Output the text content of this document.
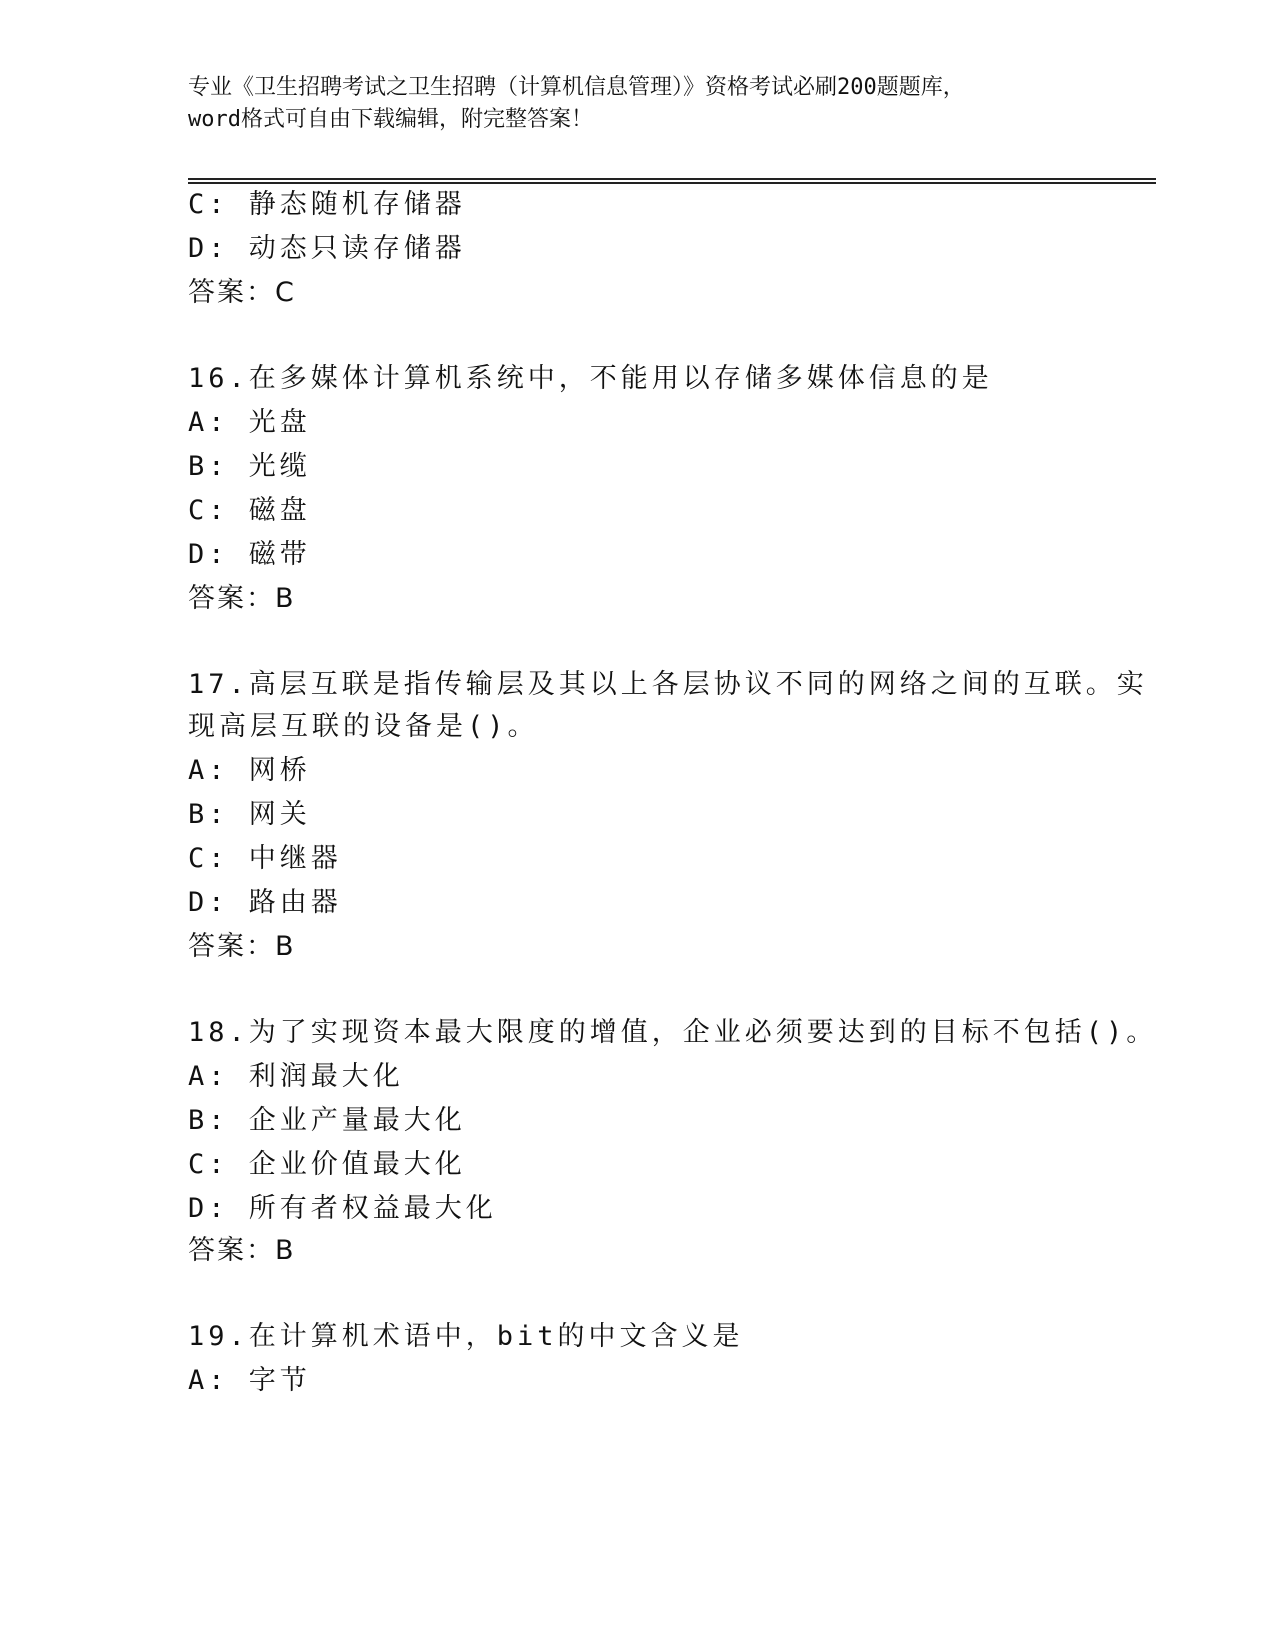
专业《卫生招聘考试之卫生招聘（计算机信息管理）》资格考试必刷200题题库，
word格式可自由下载编辑，附完整答案！
C: 静态随机存储器
D: 动态只读存储器
答案：C
16.在多媒体计算机系统中，不能用以存储多媒体信息的是
A: 光盘
B: 光缆
C: 磁盘
D: 磁带
答案：B
17.高层互联是指传输层及其以上各层协议不同的网络之间的互联。实
现高层互联的设备是()。
A: 网桥
B: 网关
C: 中继器
D: 路由器
答案：B
18.为了实现资本最大限度的增值，企业必须要达到的目标不包括()。
A: 利润最大化
B: 企业产量最大化
C: 企业价值最大化
D: 所有者权益最大化
答案：B
19.在计算机术语中，bit的中文含义是
A: 字节
